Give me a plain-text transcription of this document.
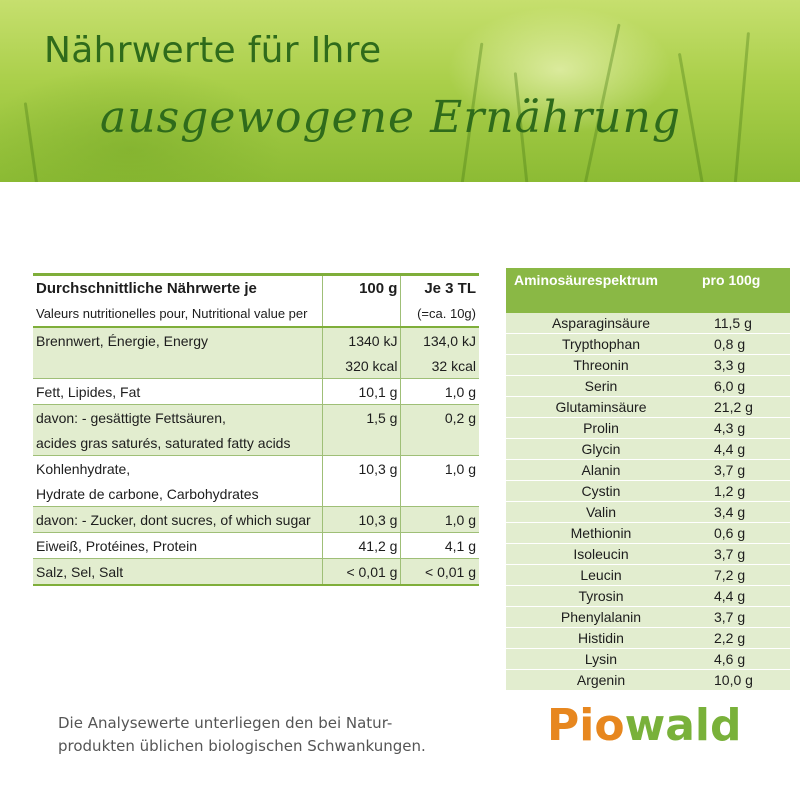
Nährwerte für Ihre
ausgewogene Ernährung
Durchschnittliche Nährwerte je	100 g	Je 3 TL
Valeurs nutritionelles pour, Nutritional value per		(=ca. 10g)
Brennwert, Énergie, Energy	1340 kJ	134,0 kJ
	320 kcal	32 kcal
Fett, Lipides, Fat	10,1 g	1,0 g
davon: - gesättigte Fettsäuren,	1,5 g	0,2 g
acides gras saturés, saturated fatty acids		
Kohlenhydrate,	10,3 g	1,0 g
Hydrate de carbone, Carbohydrates		
davon: - Zucker, dont sucres, of which sugar	10,3 g	1,0 g
Eiweiß, Protéines, Protein	41,2 g	4,1 g
Salz, Sel, Salt	< 0,01 g	< 0,01 g
Aminosäurespektrum	pro 100g
Asparaginsäure	11,5 g
Trypthophan	0,8 g
Threonin	3,3 g
Serin	6,0 g
Glutaminsäure	21,2 g
Prolin	4,3 g
Glycin	4,4 g
Alanin	3,7 g
Cystin	1,2 g
Valin	3,4 g
Methionin	0,6 g
Isoleucin	3,7 g
Leucin	7,2 g
Tyrosin	4,4 g
Phenylalanin	3,7 g
Histidin	2,2 g
Lysin	4,6 g
Argenin	10,0 g
Die Analysewerte unterliegen den bei Natur-
produkten üblichen biologischen Schwankungen.	Piowald
